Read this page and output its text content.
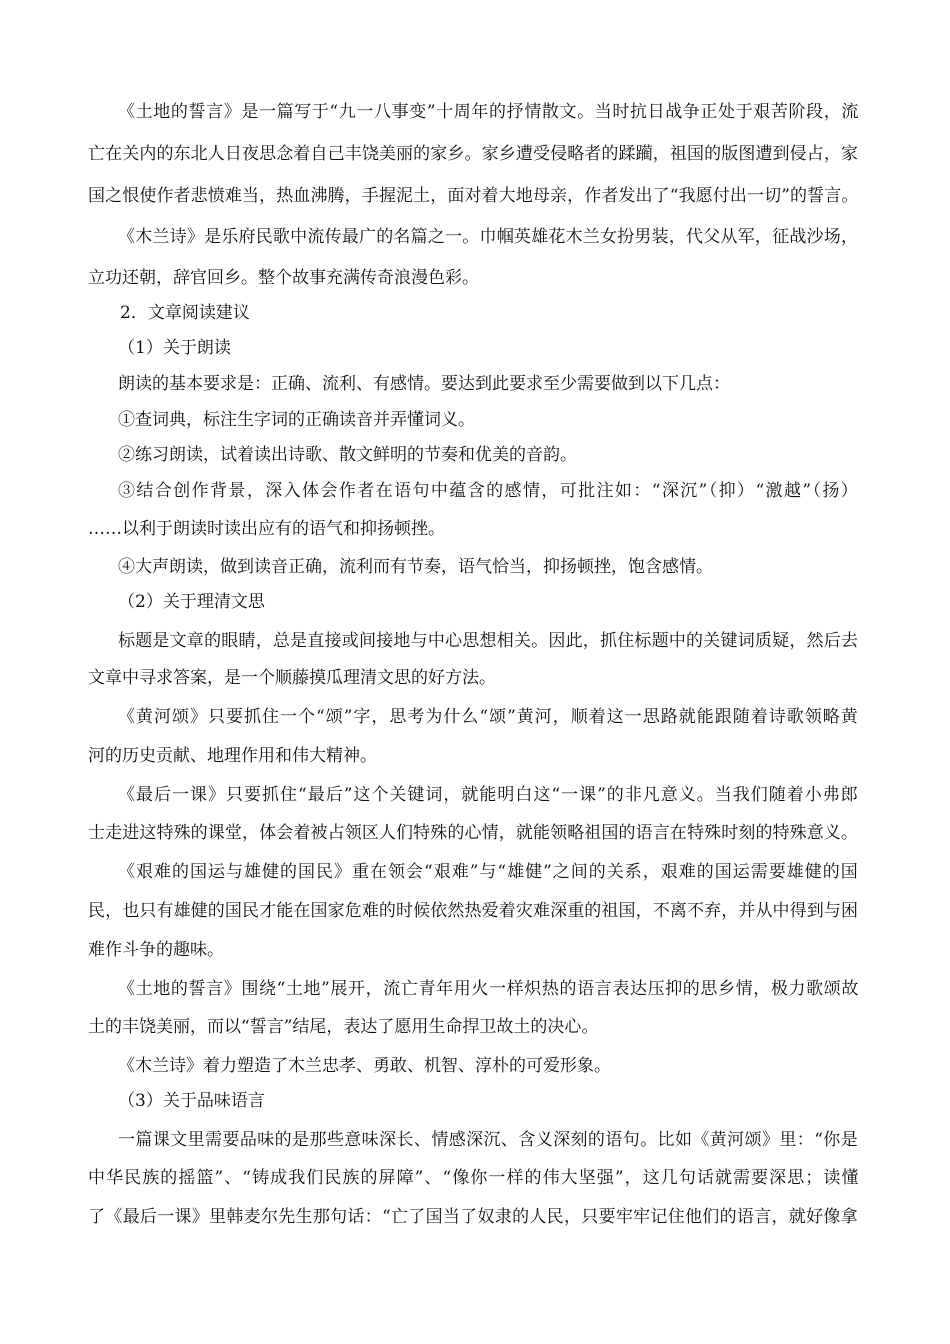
《土地的誓言》是一篇写于“九一八事变”十周年的抒情散文。当时抗日战争正处于艰苦阶段，流
亡在关内的东北人日夜思念着自己丰饶美丽的家乡。家乡遭受侵略者的蹂躏，祖国的版图遭到侵占，家
国之恨使作者悲愤难当，热血沸腾，手握泥土，面对着大地母亲，作者发出了“我愿付出一切”的誓言。
《木兰诗》是乐府民歌中流传最广的名篇之一。巾帼英雄花木兰女扮男装，代父从军，征战沙场，
立功还朝，辞官回乡。整个故事充满传奇浪漫色彩。
2．文章阅读建议
（1）关于朗读
朗读的基本要求是：正确、流利、有感情。要达到此要求至少需要做到以下几点：
①查词典，标注生字词的正确读音并弄懂词义。
②练习朗读，试着读出诗歌、散文鲜明的节奏和优美的音韵。
③结合创作背景，深入体会作者在语句中蕴含的感情，可批注如：“深沉”（抑）“激越”（扬）
……以利于朗读时读出应有的语气和抑扬顿挫。
④大声朗读，做到读音正确，流利而有节奏，语气恰当，抑扬顿挫，饱含感情。
（2）关于理清文思
标题是文章的眼睛，总是直接或间接地与中心思想相关。因此，抓住标题中的关键词质疑，然后去
文章中寻求答案，是一个顺藤摸瓜理清文思的好方法。
《黄河颂》只要抓住一个“颂”字，思考为什么“颂”黄河，顺着这一思路就能跟随着诗歌领略黄
河的历史贡献、地理作用和伟大精神。
《最后一课》只要抓住“最后”这个关键词，就能明白这“一课”的非凡意义。当我们随着小弗郎
士走进这特殊的课堂，体会着被占领区人们特殊的心情，就能领略祖国的语言在特殊时刻的特殊意义。
《艰难的国运与雄健的国民》重在领会“艰难”与“雄健”之间的关系，艰难的国运需要雄健的国
民，也只有雄健的国民才能在国家危难的时候依然热爱着灾难深重的祖国，不离不弃，并从中得到与困
难作斗争的趣味。
《土地的誓言》围绕“土地”展开，流亡青年用火一样炽热的语言表达压抑的思乡情，极力歌颂故
土的丰饶美丽，而以“誓言”结尾，表达了愿用生命捍卫故土的决心。
《木兰诗》着力塑造了木兰忠孝、勇敢、机智、淳朴的可爱形象。
（3）关于品味语言
一篇课文里需要品味的是那些意味深长、情感深沉、含义深刻的语句。比如《黄河颂》里：“你是
中华民族的摇篮”、“铸成我们民族的屏障”、“像你一样的伟大坚强”，这几句话就需要深思；读懂
了《最后一课》里韩麦尔先生那句话：“亡了国当了奴隶的人民，只要牢牢记住他们的语言，就好像拿
